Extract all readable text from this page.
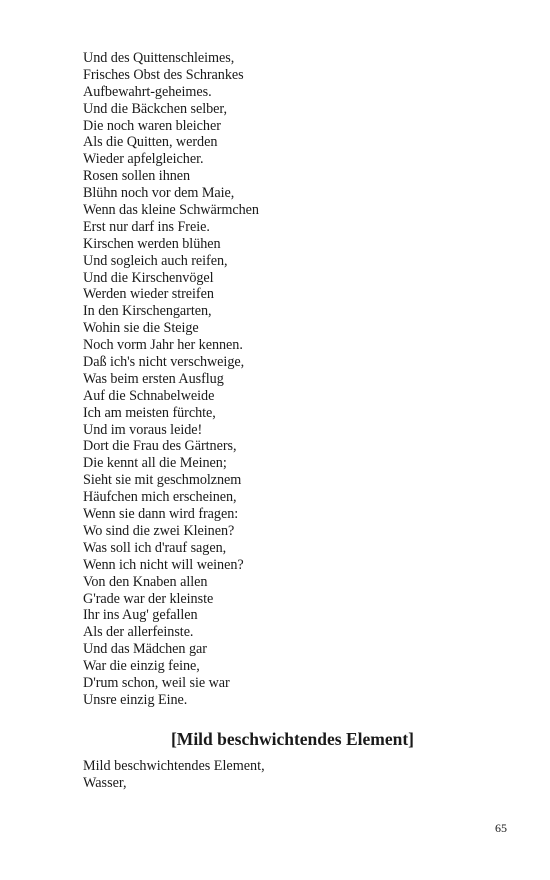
Und des Quittenschleimes,
Frisches Obst des Schrankes
Aufbewahrt-geheimes.
Und die Bäckchen selber,
Die noch waren bleicher
Als die Quitten, werden
Wieder apfelgleicher.
Rosen sollen ihnen
Blühn noch vor dem Maie,
Wenn das kleine Schwärmchen
Erst nur darf ins Freie.
Kirschen werden blühen
Und sogleich auch reifen,
Und die Kirschenvögel
Werden wieder streifen
In den Kirschengarten,
Wohin sie die Steige
Noch vorm Jahr her kennen.
Daß ich's nicht verschweige,
Was beim ersten Ausflug
Auf die Schnabelweide
Ich am meisten fürchte,
Und im voraus leide!
Dort die Frau des Gärtners,
Die kennt all die Meinen;
Sieht sie mit geschmolznem
Häufchen mich erscheinen,
Wenn sie dann wird fragen:
Wo sind die zwei Kleinen?
Was soll ich d'rauf sagen,
Wenn ich nicht will weinen?
Von den Knaben allen
G'rade war der kleinste
Ihr ins Aug' gefallen
Als der allerfeinste.
Und das Mädchen gar
War die einzig feine,
D'rum schon, weil sie war
Unsre einzig Eine.
[Mild beschwichtendes Element]
Mild beschwichtendes Element,
Wasser,
65
